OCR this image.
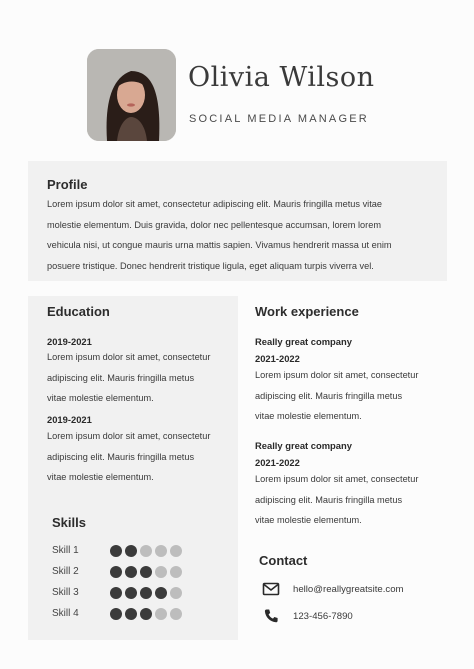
Olivia Wilson
SOCIAL MEDIA MANAGER
Profile
Lorem ipsum dolor sit amet, consectetur adipiscing elit. Mauris fringilla metus vitae
molestie elementum. Duis gravida, dolor nec pellentesque accumsan, lorem lorem
vehicula nisi, ut congue mauris urna mattis sapien. Vivamus hendrerit massa ut enim
posuere tristique. Donec hendrerit tristique ligula, eget aliquam turpis viverra vel.
Education
2019-2021
Lorem ipsum dolor sit amet, consectetur
adipiscing elit. Mauris fringilla metus
vitae molestie elementum.
2019-2021
Lorem ipsum dolor sit amet, consectetur
adipiscing elit. Mauris fringilla metus
vitae molestie elementum.
Skills
Skill 1
Skill 2
Skill 3
Skill 4
Work experience
Really great company
2021-2022
Lorem ipsum dolor sit amet, consectetur
adipiscing elit. Mauris fringilla metus
vitae molestie elementum.
Really great company
2021-2022
Lorem ipsum dolor sit amet, consectetur
adipiscing elit. Mauris fringilla metus
vitae molestie elementum.
Contact
hello@reallygreatsite.com
123-456-7890
